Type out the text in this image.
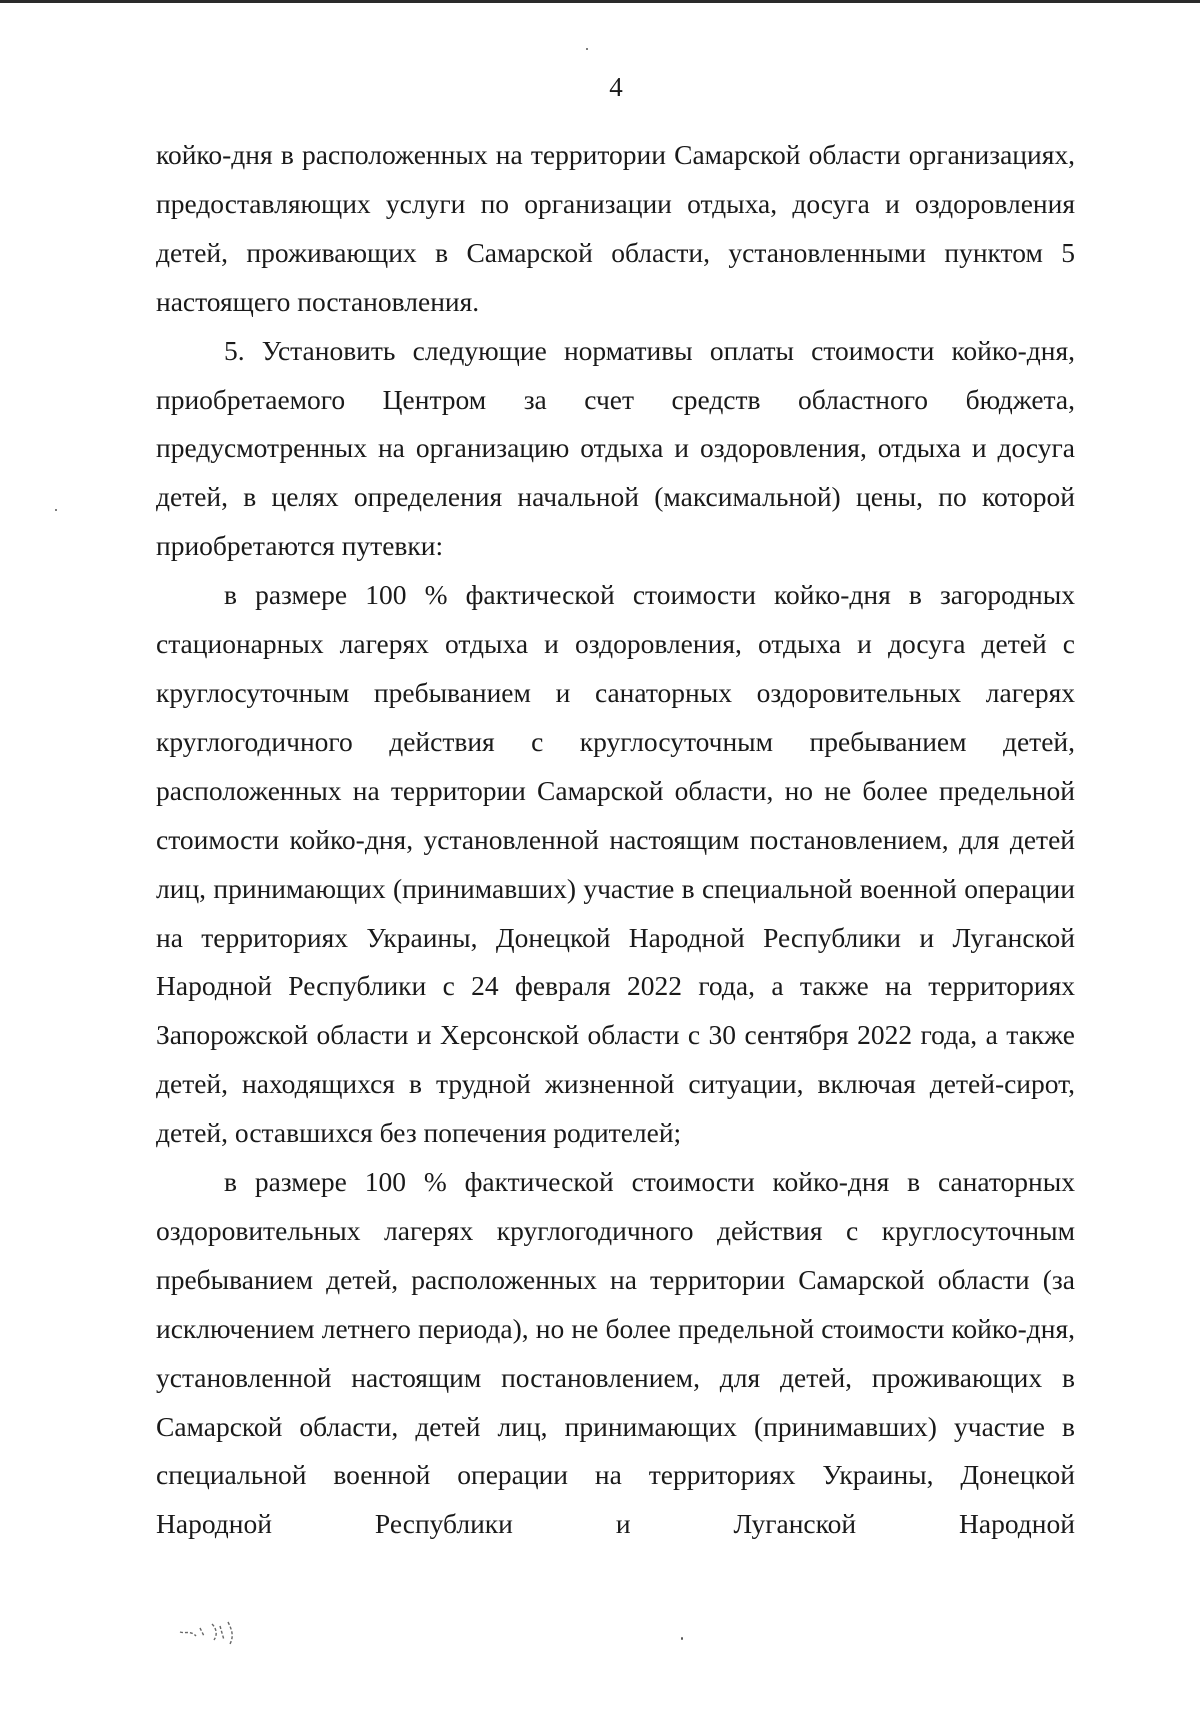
4

койко-дня в расположенных на территории Самарской области организациях, предоставляющих услуги по организации отдыха, досуга и оздоровления детей, проживающих в Самарской области, установленными пунктом 5 настоящего постановления.

5. Установить следующие нормативы оплаты стоимости койко-дня, приобретаемого Центром за счет средств областного бюджета, предусмотренных на организацию отдыха и оздоровления, отдыха и досуга детей, в целях определения начальной (максимальной) цены, по которой приобретаются путевки:

в размере 100 % фактической стоимости койко-дня в загородных стационарных лагерях отдыха и оздоровления, отдыха и досуга детей с круглосуточным пребыванием и санаторных оздоровительных лагерях круглогодичного действия с круглосуточным пребыванием детей, расположенных на территории Самарской области, но не более предельной стоимости койко-дня, установленной настоящим постановлением, для детей лиц, принимающих (принимавших) участие в специальной военной операции на территориях Украины, Донецкой Народной Республики и Луганской Народной Республики с 24 февраля 2022 года, а также на территориях Запорожской области и Херсонской области с 30 сентября 2022 года, а также детей, находящихся в трудной жизненной ситуации, включая детей-сирот, детей, оставшихся без попечения родителей;

в размере 100 % фактической стоимости койко-дня в санаторных оздоровительных лагерях круглогодичного действия с круглосуточным пребыванием детей, расположенных на территории Самарской области (за исключением летнего периода), но не более предельной стоимости койко-дня, установленной настоящим постановлением, для детей, проживающих в Самарской области, детей лиц, принимающих (принимавших) участие в специальной военной операции на территориях Украины, Донецкой Народной Республики и Луганской Народной
